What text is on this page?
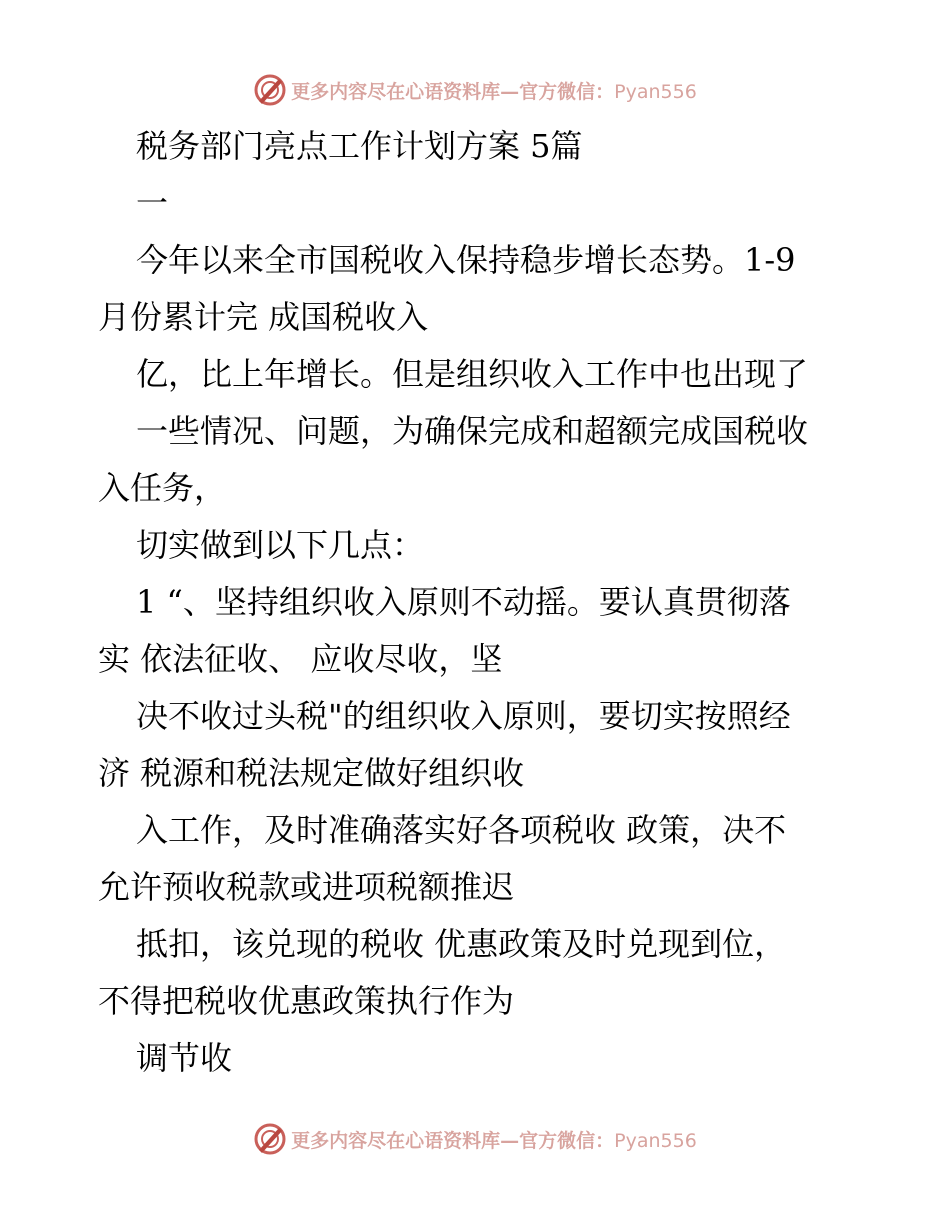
更多内容尽在心语资料库—官方微信：Pyan556
税务部门亮点工作计划方案 5篇
一
今年以来全市国税收入保持稳步增长态势。1-9
月份累计完 成国税收入
亿，比上年增长。但是组织收入工作中也出现了
一些情况、问题，为确保完成和超额完成国税收
入任务，
切实做到以下几点：
1 “、坚持组织收入原则不动摇。要认真贯彻落
实 依法征收、 应收尽收，坚
决不收过头税"的组织收入原则，要切实按照经
济 税源和税法规定做好组织收
入工作，及时准确落实好各项税收 政策，决不
允许预收税款或进项税额推迟
抵扣，该兑现的税收 优惠政策及时兑现到位，
不得把税收优惠政策执行作为
调节收
更多内容尽在心语资料库—官方微信：Pyan556
